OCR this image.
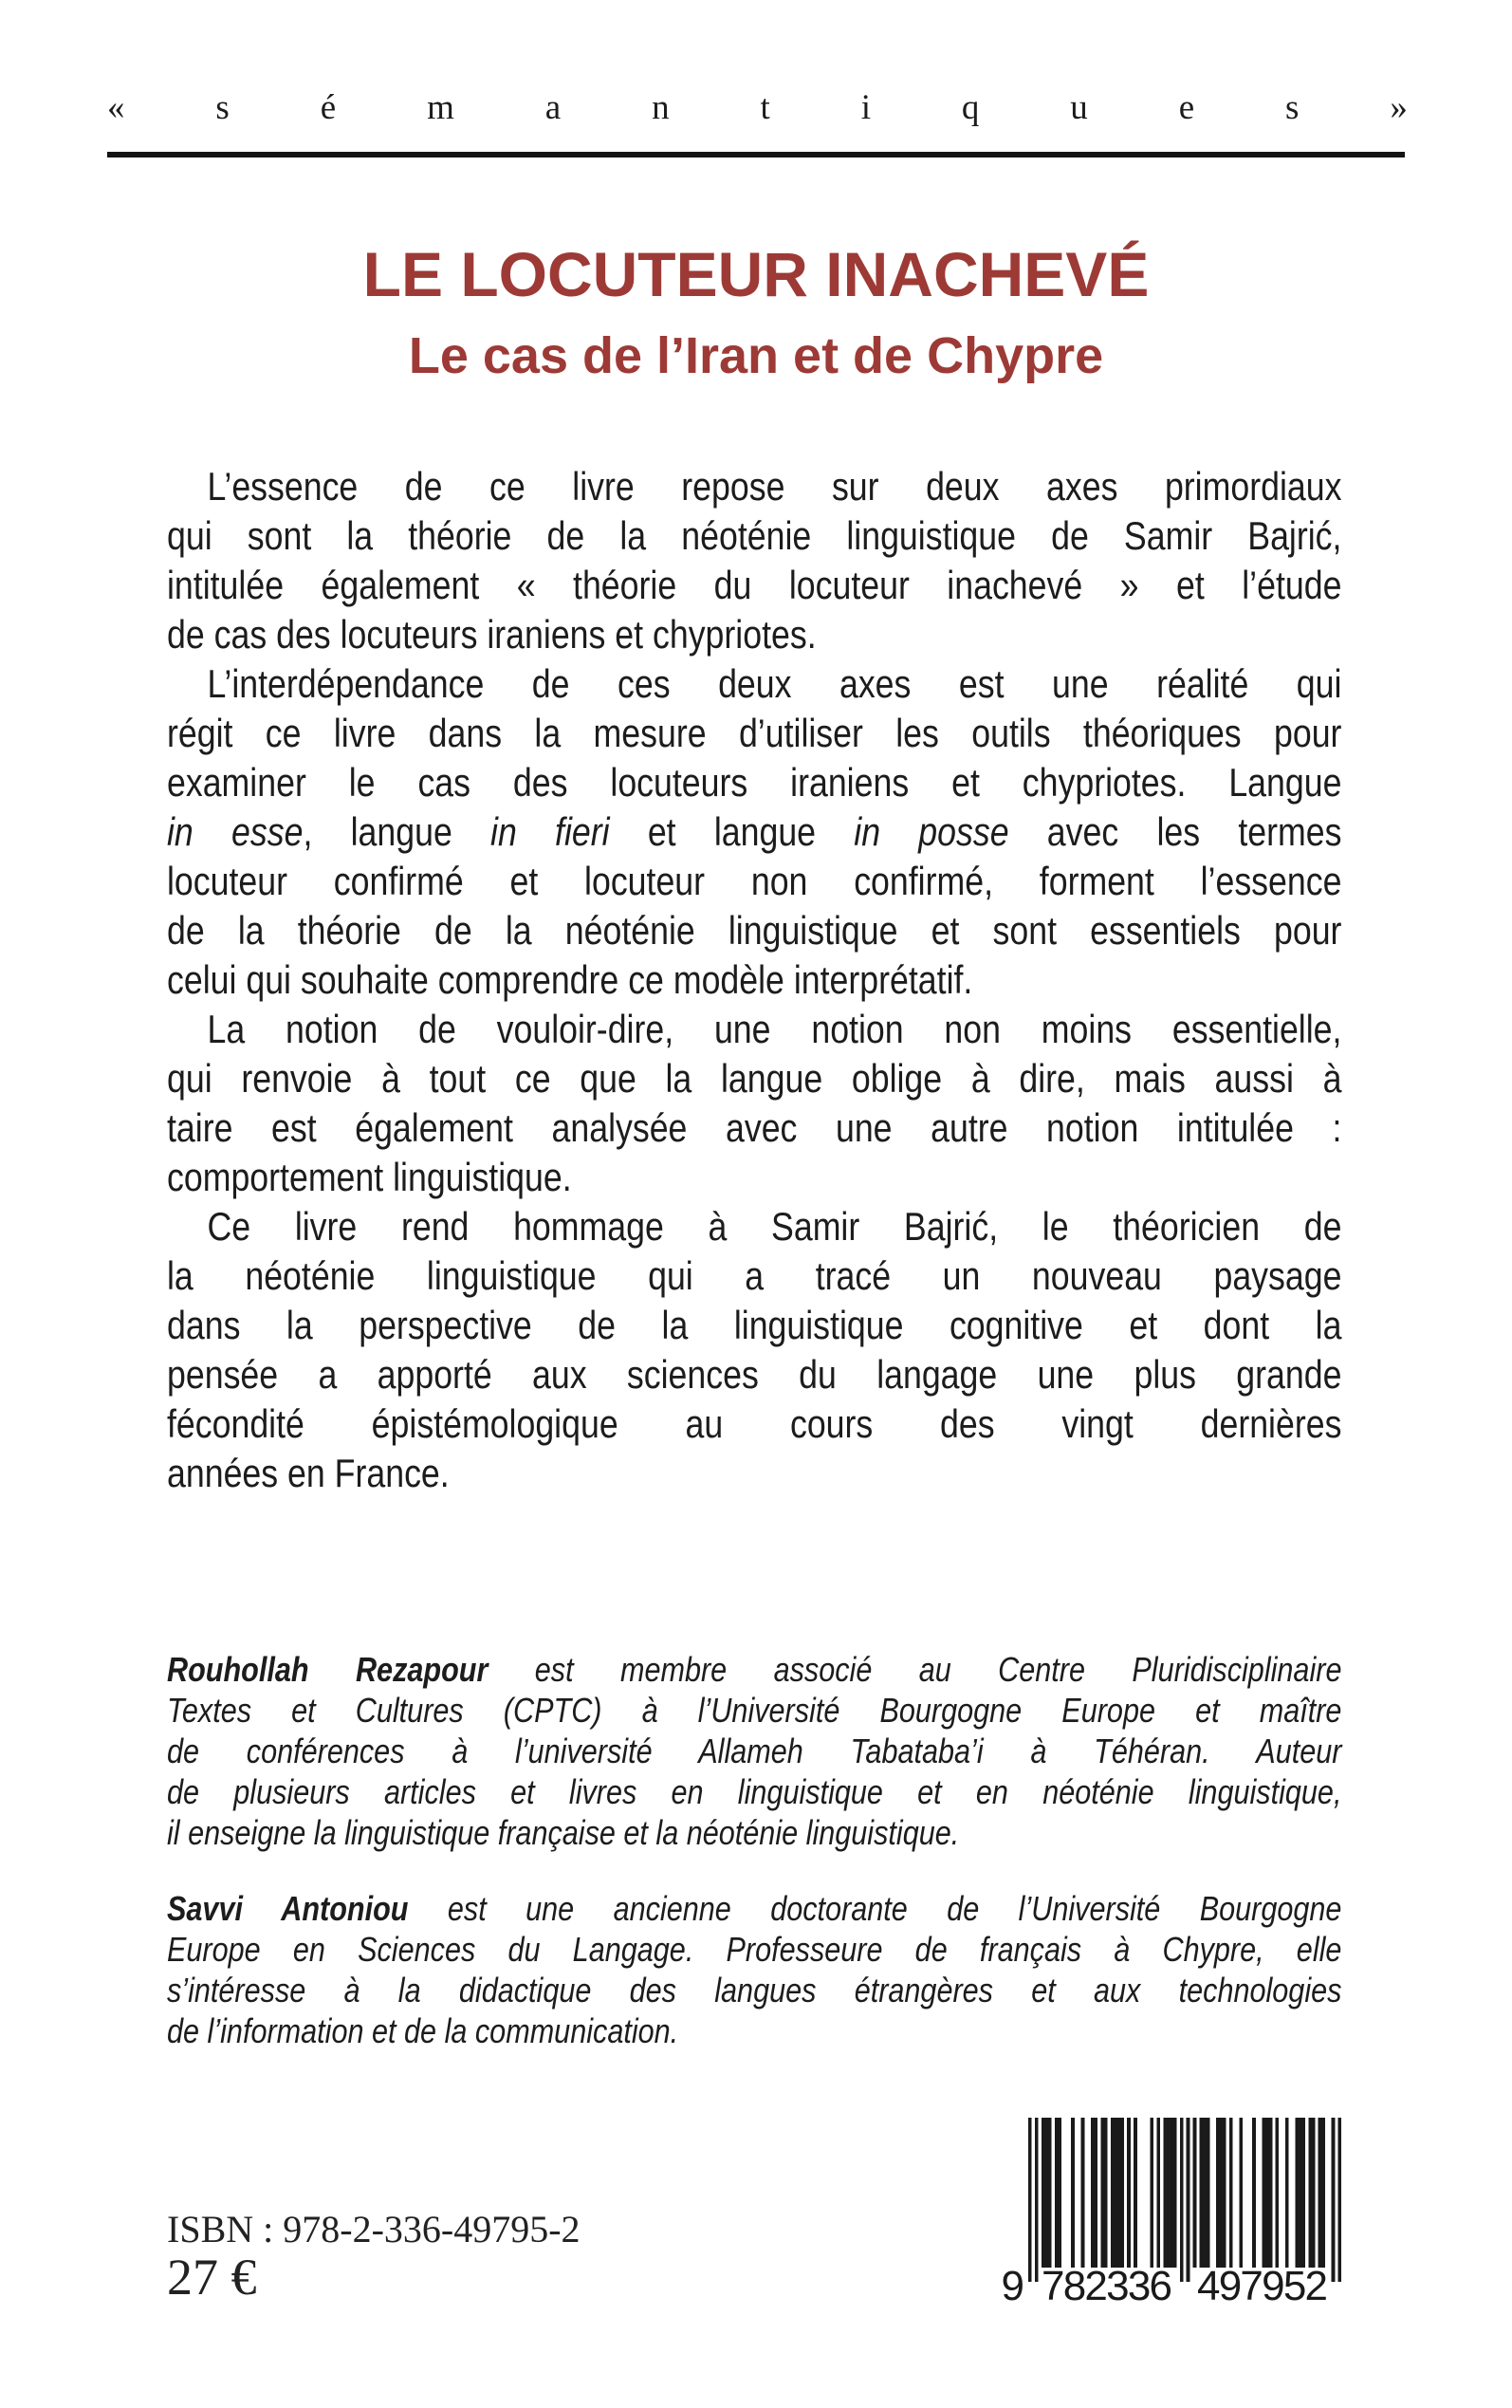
«	s	é	m	a	n	t	i	q	u	e	s	»
LE LOCUTEUR INACHEVÉ
Le cas de l’Iran et de Chypre
L’essence de ce livre repose sur deux axes primordiaux
qui sont la théorie de la néoténie linguistique de Samir Bajrić,
intitulée également « théorie du locuteur inachevé » et l’étude
de cas des locuteurs iraniens et chypriotes.
L’interdépendance de ces deux axes est une réalité qui
régit ce livre dans la mesure d’utiliser les outils théoriques pour
examiner le cas des locuteurs iraniens et chypriotes. Langue
in esse, langue in fieri et langue in posse avec les termes
locuteur confirmé et locuteur non confirmé, forment l’essence
de la théorie de la néoténie linguistique et sont essentiels pour
celui qui souhaite comprendre ce modèle interprétatif.
La notion de vouloir-dire, une notion non moins essentielle,
qui renvoie à tout ce que la langue oblige à dire, mais aussi à
taire est également analysée avec une autre notion intitulée :
comportement linguistique.
Ce livre rend hommage à Samir Bajrić, le théoricien de
la néoténie linguistique qui a tracé un nouveau paysage
dans la perspective de la linguistique cognitive et dont la
pensée a apporté aux sciences du langage une plus grande
fécondité épistémologique au cours des vingt dernières
années en France.
Rouhollah Rezapour est membre associé au Centre Pluridisciplinaire
Textes et Cultures (CPTC) à l’Université Bourgogne Europe et maître
de conférences à l’université Allameh Tabataba’i à Téhéran. Auteur
de plusieurs articles et livres en linguistique et en néoténie linguistique,
il enseigne la linguistique française et la néoténie linguistique.
Savvi Antoniou est une ancienne doctorante de l’Université Bourgogne
Europe en Sciences du Langage. Professeure de français à Chypre, elle
s’intéresse à la didactique des langues étrangères et aux technologies
de l’information et de la communication.
ISBN : 978-2-336-49795-2
27 €	9 782336 497952
